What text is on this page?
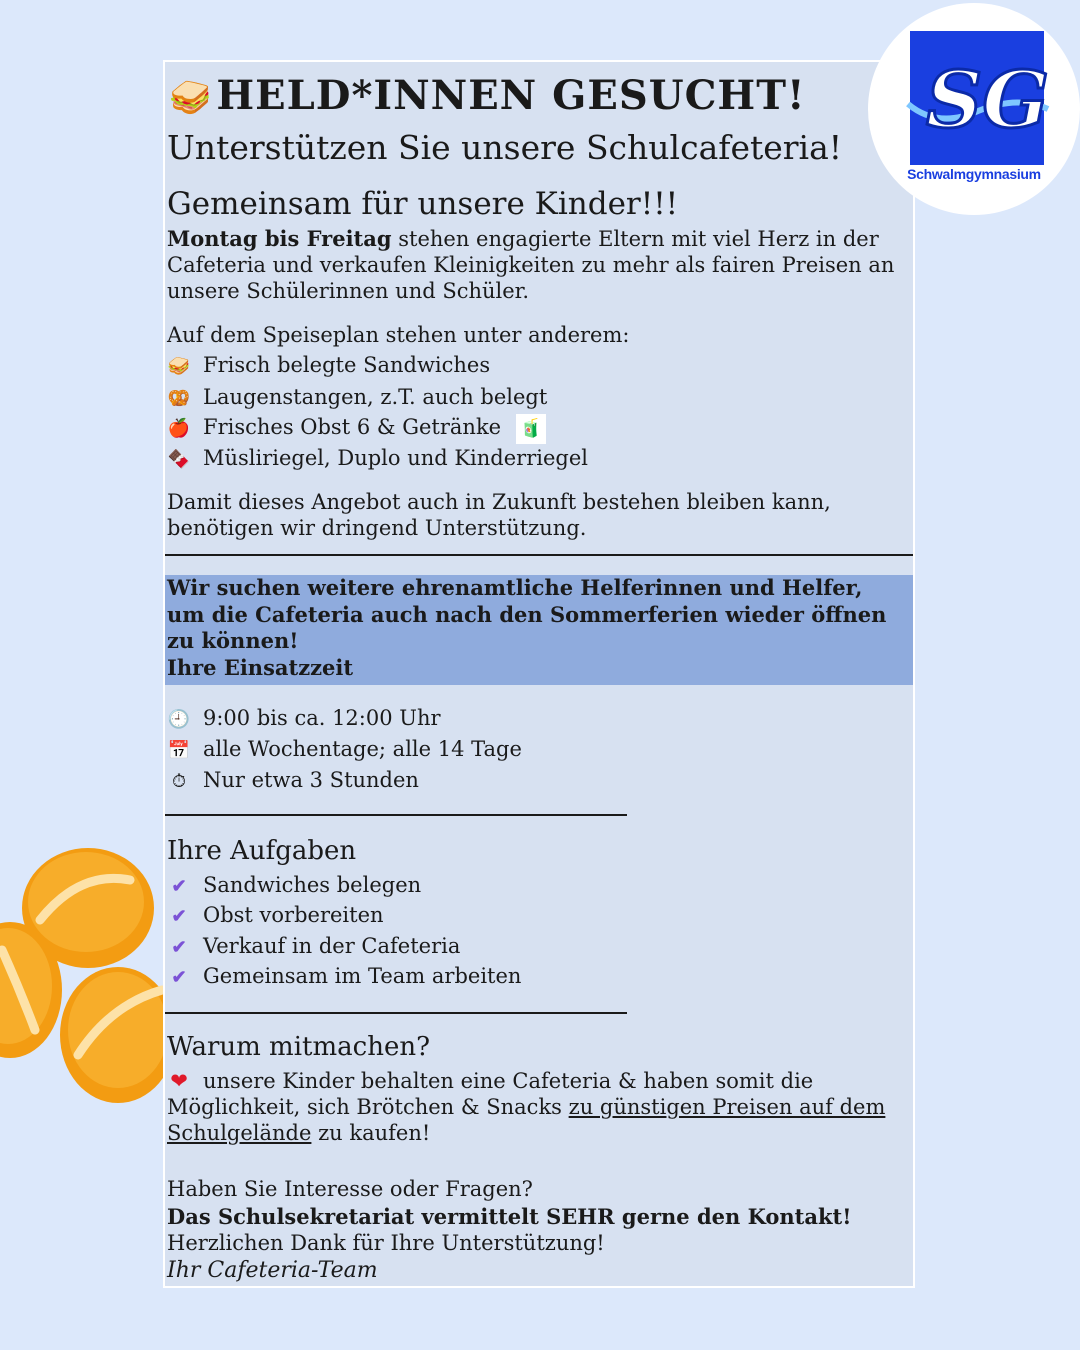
🥪 HELD*INNEN GESUCHT!
Unterstützen Sie unsere Schulcafeteria!
Gemeinsam für unsere Kinder!!!
Montag bis Freitag stehen engagierte Eltern mit viel Herz in der Cafeteria und verkaufen Kleinigkeiten zu mehr als fairen Preisen an unsere Schülerinnen und Schüler.
Auf dem Speiseplan stehen unter anderem:
🥪 Frisch belegte Sandwiches
🥨 Laugenstangen, z.T. auch belegt
🍎 Frisches Obst 6 & Getränke 🧃
🍫 Müsliriegel, Duplo und Kinderriegel
Damit dieses Angebot auch in Zukunft bestehen bleiben kann, benötigen wir dringend Unterstützung.
Wir suchen weitere ehrenamtliche Helferinnen und Helfer,
um die Cafeteria auch nach den Sommerferien wieder öffnen
zu können!
Ihre Einsatzzeit
🕘 9:00 bis ca. 12:00 Uhr
📅 alle Wochentage; alle 14 Tage
⏱ Nur etwa 3 Stunden
Ihre Aufgaben
✔ Sandwiches belegen
✔ Obst vorbereiten
✔ Verkauf in der Cafeteria
✔ Gemeinsam im Team arbeiten
Warum mitmachen?
❤ unsere Kinder behalten eine Cafeteria & haben somit die Möglichkeit, sich Brötchen & Snacks zu günstigen Preisen auf dem Schulgelände zu kaufen!
Haben Sie Interesse oder Fragen?
Das Schulsekretariat vermittelt SEHR gerne den Kontakt!
Herzlichen Dank für Ihre Unterstützung!
Ihr Cafeteria-Team
SG
Schwalmgymnasium
